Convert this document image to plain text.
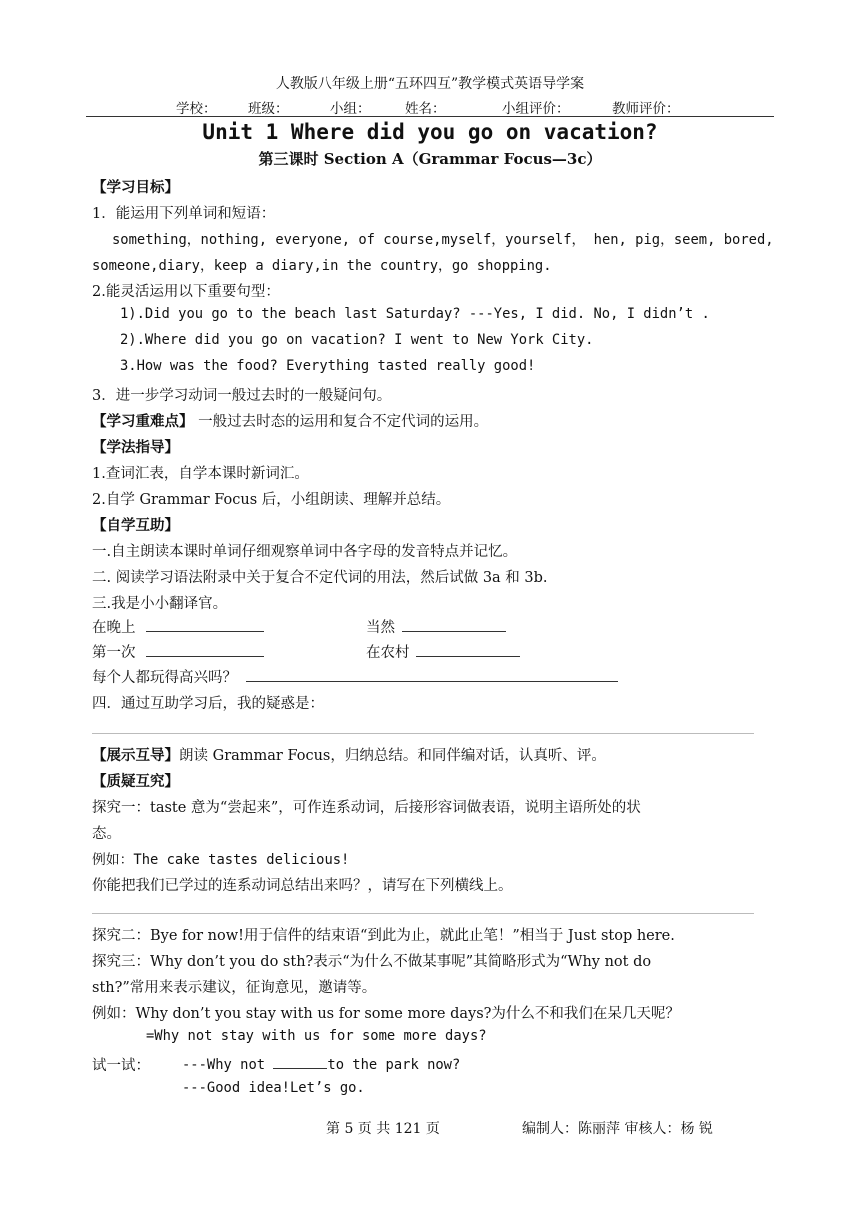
人教版八年级上册“五环四互”教学模式英语导学案
学校： 班级：	小组：	姓名：	小组评价：	教师评价：
Unit 1 Where did you go on vacation?
第三课时 Section A（Grammar Focus—3c）
【学习目标】
1．能运用下列单词和短语：
something，nothing, everyone, of course,myself，yourself， hen, pig，seem, bored,
someone,diary，keep a diary,in the country，go shopping.
2.能灵活运用以下重要句型：
1).Did you go to the beach last Saturday? ---Yes, I did. No, I didn’t .
2).Where did you go on vacation? I went to New York City.
3.How was the food? Everything tasted really good!
3．进一步学习动词一般过去时的一般疑问句。
【学习重难点】 一般过去时态的运用和复合不定代词的运用。
【学法指导】
1.查词汇表，自学本课时新词汇。
2.自学 Grammar Focus 后，小组朗读、理解并总结。
【自学互助】
一.自主朗读本课时单词仔细观察单词中各字母的发音特点并记忆。
二. 阅读学习语法附录中关于复合不定代词的用法，然后试做 3a 和 3b.
三.我是小小翻译官。
在晚上	当然
第一次	在农村
每个人都玩得高兴吗？
四．通过互助学习后，我的疑惑是：
【展示互导】朗读 Grammar Focus，归纳总结。和同伴编对话，认真听、评。
【质疑互究】
探究一：taste 意为“尝起来”，可作连系动词，后接形容词做表语，说明主语所处的状
态。
例如：The cake tastes delicious!
你能把我们已学过的连系动词总结出来吗？，请写在下列横线上。
探究二：Bye for now!用于信件的结束语“到此为止，就此止笔！”相当于 Just stop here.
探究三：Why don’t you do sth?表示“为什么不做某事呢”其简略形式为“Why not do
sth?”常用来表示建议，征询意见，邀请等。
例如：Why don’t you stay with us for some more days?为什么不和我们在呆几天呢？
=Why not stay with us for some more days?
试一试： ---Why not	to the park now?
---Good idea!Let’s go.
第 5 页 共 121 页	编制人：陈丽萍 审核人：杨 锐
